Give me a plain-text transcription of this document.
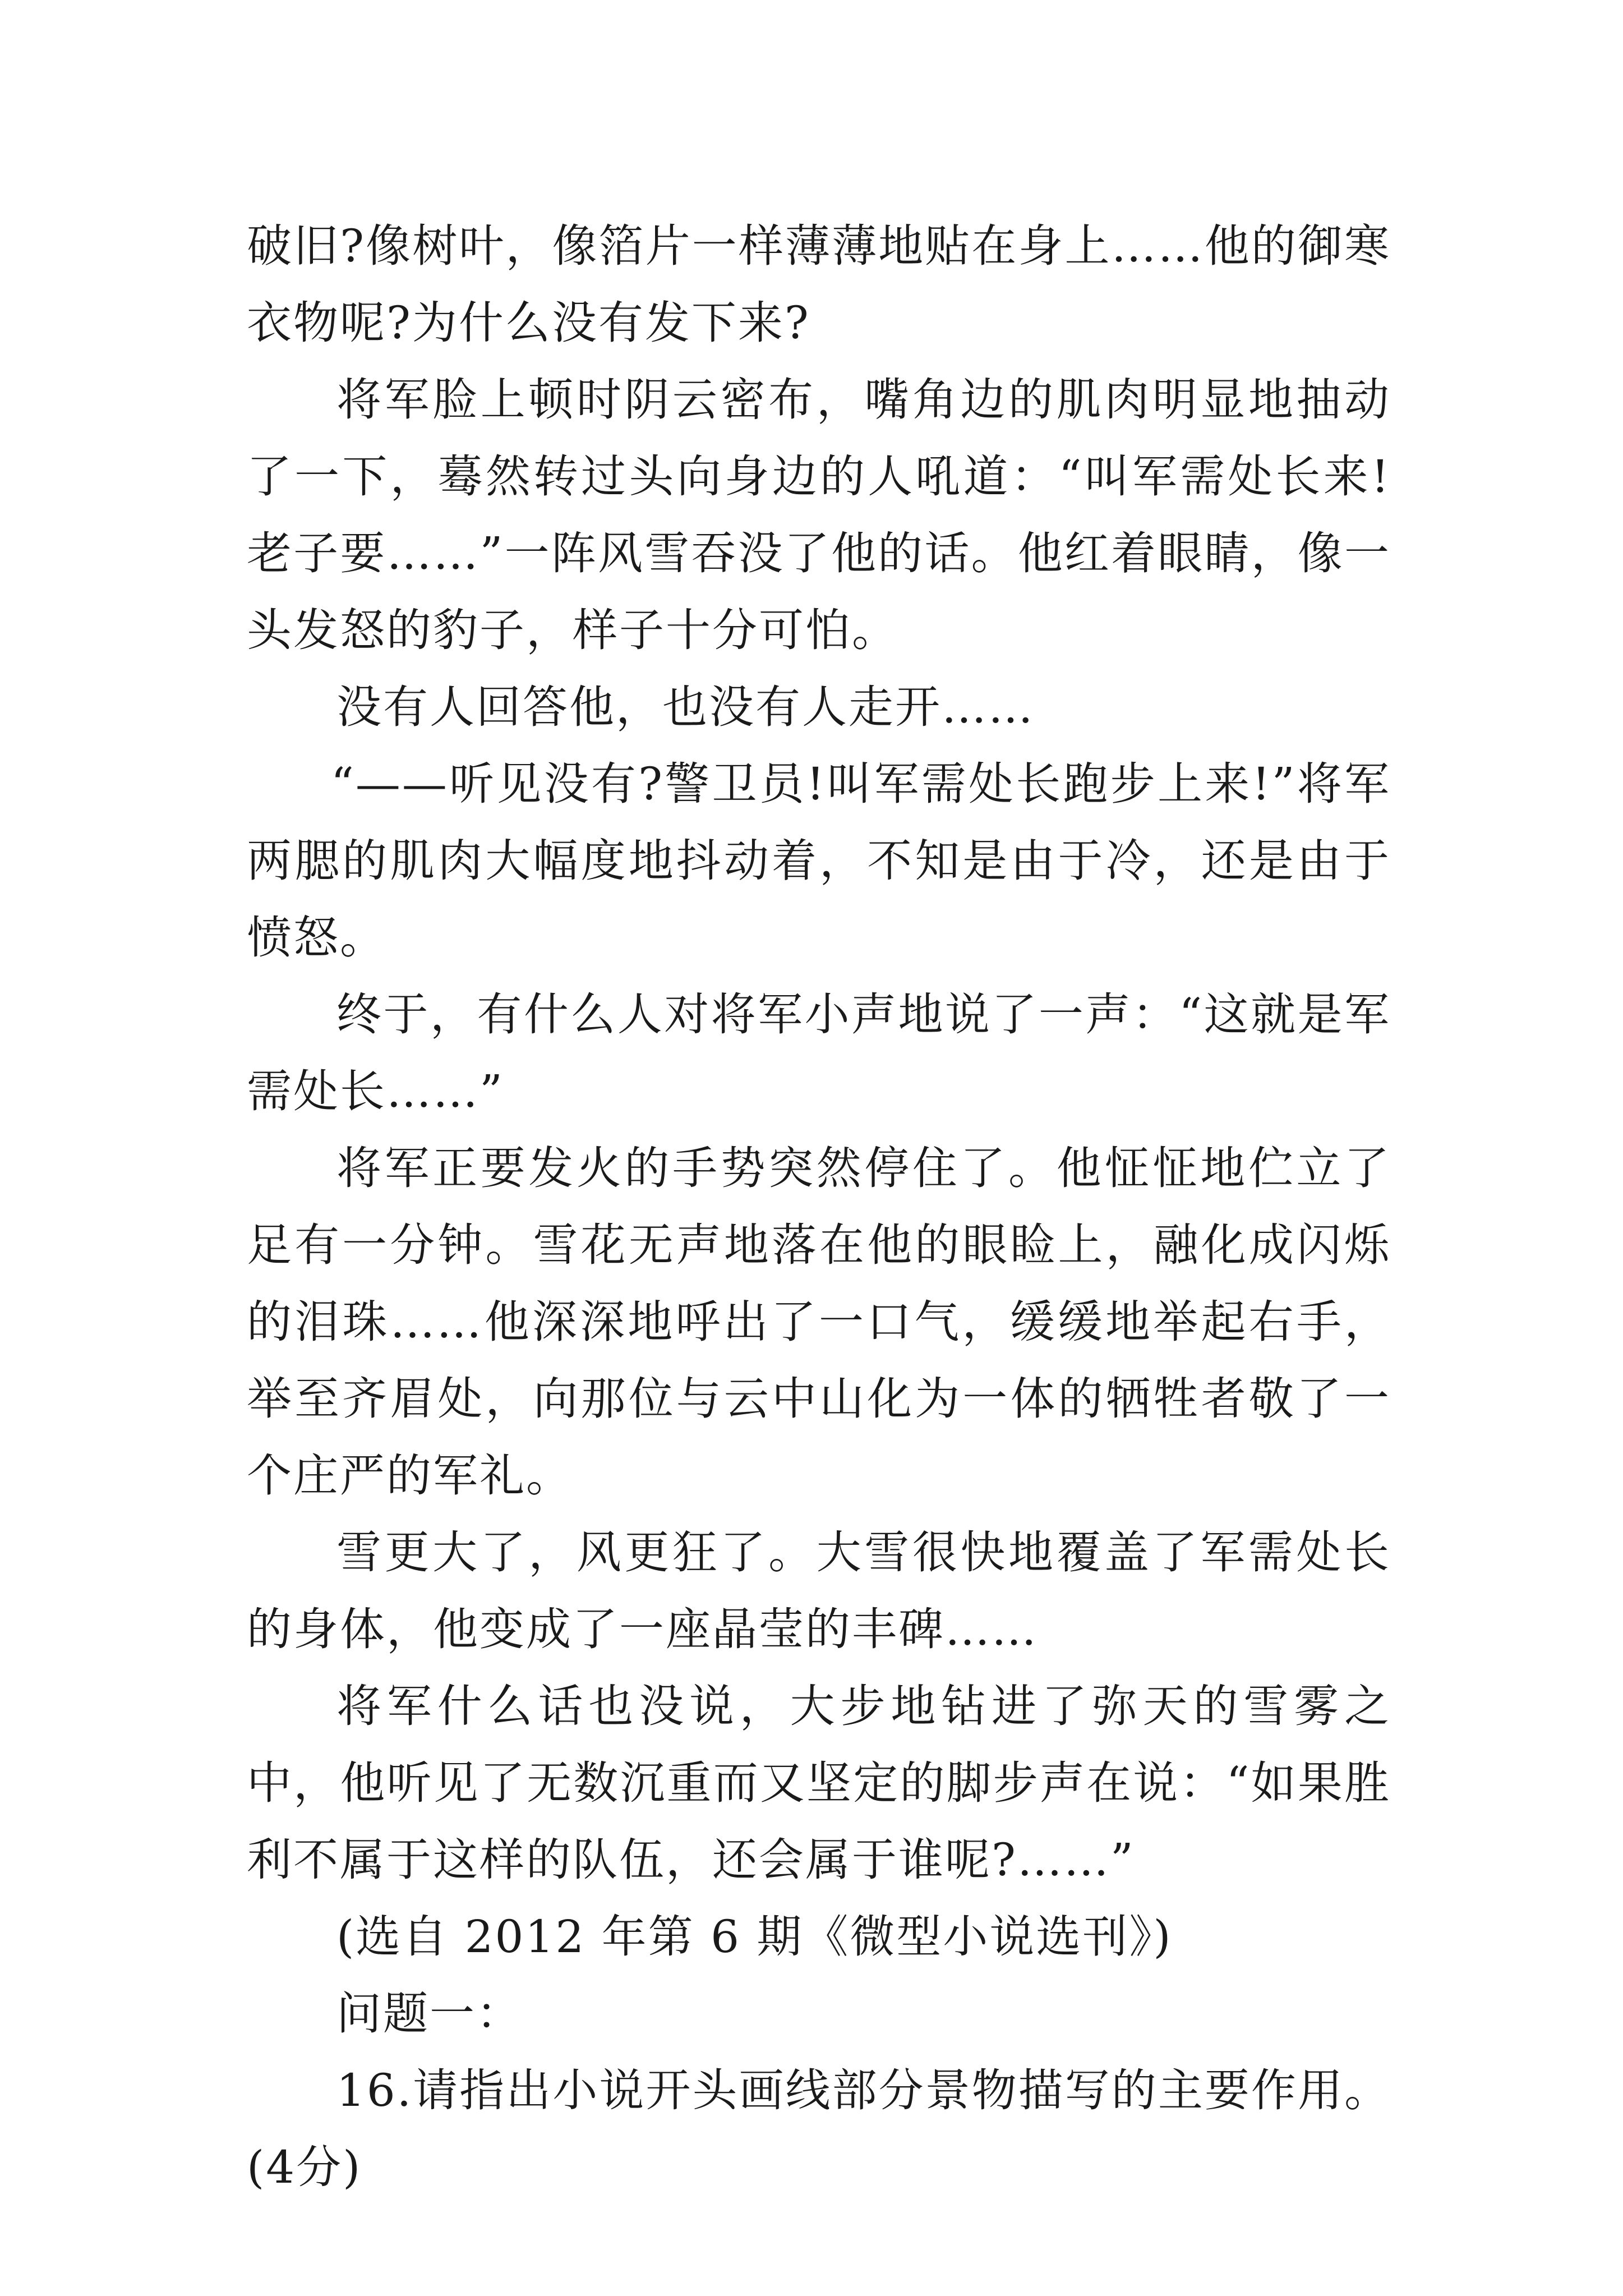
破旧?像树叶，像箔片一样薄薄地贴在身上……他的御寒衣物呢?为什么没有发下来?

将军脸上顿时阴云密布，嘴角边的肌肉明显地抽动了一下，蓦然转过头向身边的人吼道：“叫军需处长来!老子要……”一阵风雪吞没了他的话。他红着眼睛，像一头发怒的豹子，样子十分可怕。

没有人回答他，也没有人走开……

“——听见没有?警卫员!叫军需处长跑步上来!”将军两腮的肌肉大幅度地抖动着，不知是由于冷，还是由于愤怒。

终于，有什么人对将军小声地说了一声：“这就是军需处长……”

将军正要发火的手势突然停住了。他怔怔地伫立了足有一分钟。雪花无声地落在他的眼睑上，融化成闪烁的泪珠……他深深地呼出了一口气，缓缓地举起右手，举至齐眉处，向那位与云中山化为一体的牺牲者敬了一个庄严的军礼。

雪更大了，风更狂了。大雪很快地覆盖了军需处长的身体，他变成了一座晶莹的丰碑……

将军什么话也没说，大步地钻进了弥天的雪雾之中，他听见了无数沉重而又坚定的脚步声在说：“如果胜利不属于这样的队伍，还会属于谁呢?……”

(选自 2012 年第 6 期《微型小说选刊》)

问题一：

16.请指出小说开头画线部分景物描写的主要作用。(4分)
